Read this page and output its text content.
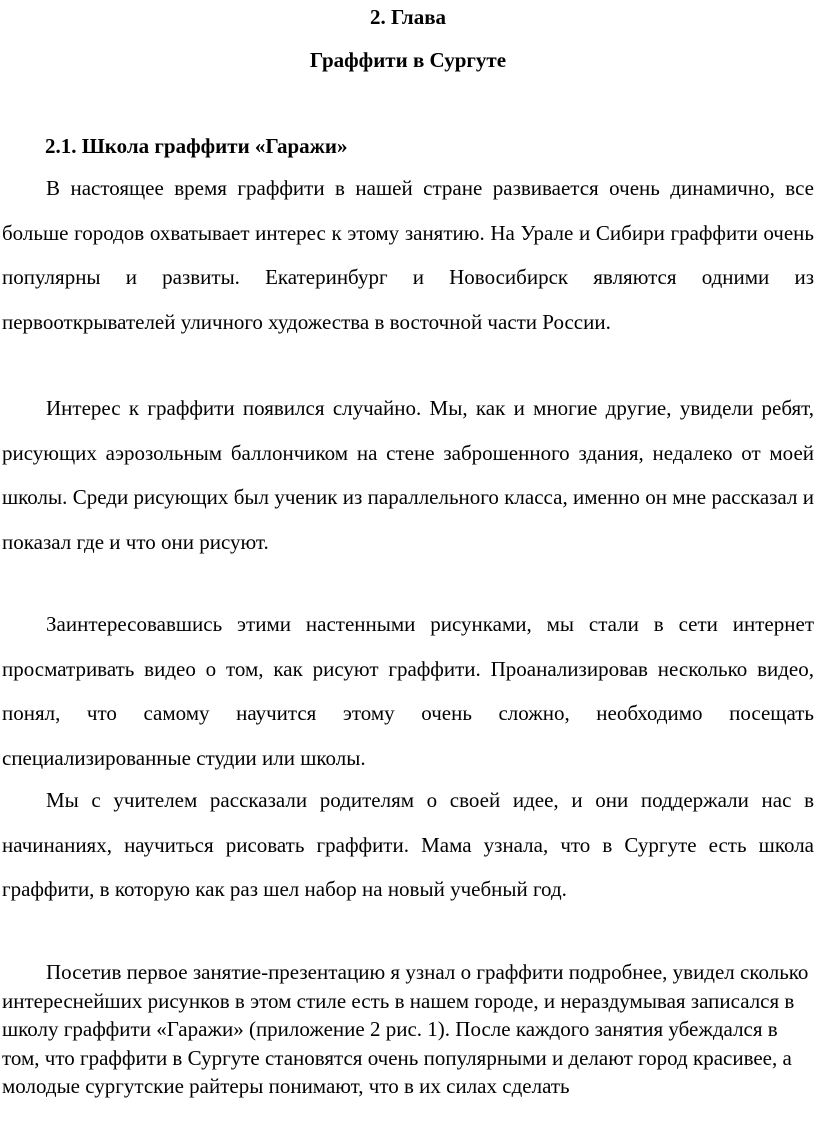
2. Глава
Граффити в Сургуте
2.1. Школа граффити «Гаражи»

В настоящее время граффити в нашей стране развивается очень динамично, все больше городов охватывает интерес к этому занятию. На Урале и Сибири граффити очень популярны и развиты. Екатеринбург и Новосибирск являются одними из первооткрывателей уличного художества в восточной части России.

Интерес к граффити появился случайно. Мы, как и многие другие, увидели ребят, рисующих аэрозольным баллончиком на стене заброшенного здания, недалеко от моей школы. Среди рисующих был ученик из параллельного класса, именно он мне рассказал и показал где и что они рисуют.

Заинтересовавшись этими настенными рисунками, мы стали в сети интернет просматривать видео о том, как рисуют граффити. Проанализировав несколько видео, понял, что самому научится этому очень сложно, необходимо посещать специализированные студии или школы.

Мы с учителем рассказали родителям о своей идее, и они поддержали нас в начинаниях, научиться рисовать граффити. Мама узнала, что в Сургуте есть школа граффити, в которую как раз шел набор на новый учебный год.

Посетив первое занятие-презентацию я узнал о граффити подробнее, увидел сколько интереснейших рисунков в этом стиле есть в нашем городе, и нераздумывая записался в школу граффити «Гаражи» (приложение 2 рис. 1). После каждого занятия убеждался в том, что граффити в Сургуте становятся очень популярными и делают город красивее, а молодые сургутские райтеры понимают, что в их силах сделать
